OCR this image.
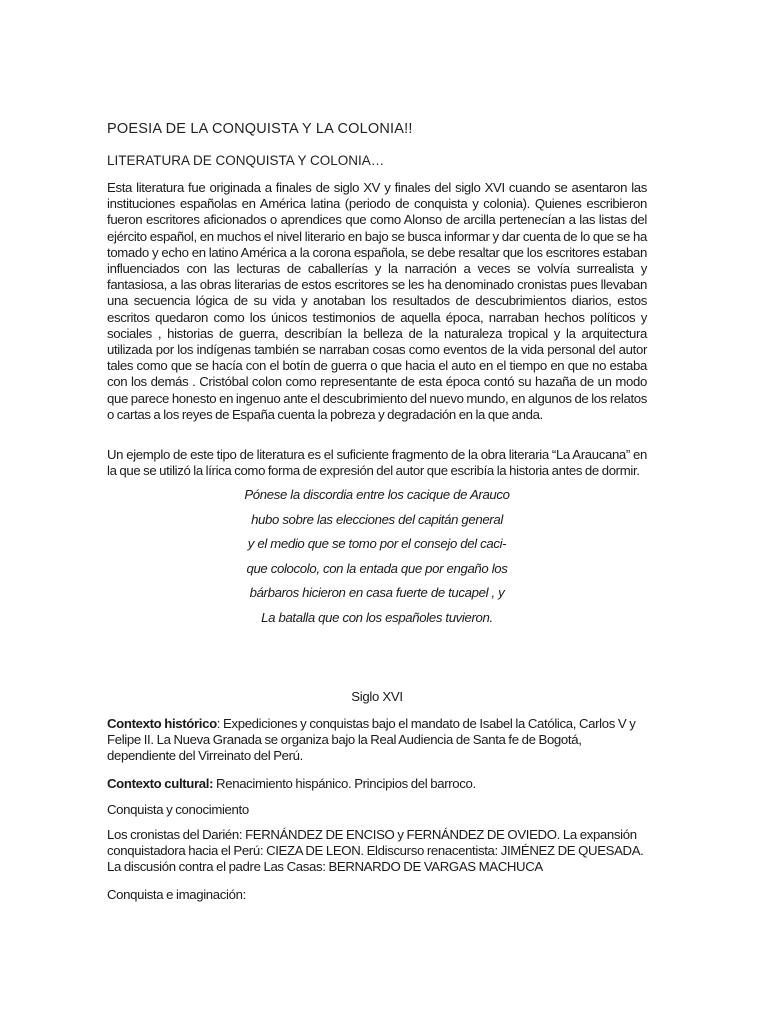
POESIA DE LA CONQUISTA Y LA COLONIA!!
LITERATURA DE CONQUISTA Y COLONIA…

Esta literatura fue originada a finales de siglo XV y finales del siglo XVI cuando se asentaron las instituciones españolas en América latina (periodo de conquista y colonia). Quienes escribieron fueron escritores aficionados o aprendices que como Alonso de arcilla pertenecían a las listas del ejército español, en muchos el nivel literario en bajo se busca informar y dar cuenta de lo que se ha tomado y echo en latino América a la corona española, se debe resaltar que los escritores estaban influenciados con las lecturas de caballerías y la narración a veces se volvía surrealista y fantasiosa, a las obras literarias de estos escritores se les ha denominado cronistas pues llevaban una secuencia lógica de su vida y anotaban los resultados de descubrimientos diarios, estos escritos quedaron como los únicos testimonios de aquella época, narraban hechos políticos y sociales , historias de guerra, describían la belleza de la naturaleza tropical y la arquitectura utilizada por los indígenas también se narraban cosas como eventos de la vida personal del autor tales como que se hacía con el botín de guerra o que hacia el auto en el tiempo en que no estaba con los demás . Cristóbal colon como representante de esta época contó su hazaña de un modo que parece honesto en ingenuo ante el descubrimiento del nuevo mundo, en algunos de los relatos o cartas a los reyes de España cuenta la pobreza y degradación en la que anda.

Un ejemplo de este tipo de literatura es el suficiente fragmento de la obra literaria “La Araucana” en la que se utilizó la lírica como forma de expresión del autor que escribía la historia antes de dormir.

Pónese la discordia entre los cacique de Arauco
hubo sobre las elecciones del capitán general
y el medio que se tomo por el consejo del caci-
que colocolo, con la entada que por engaño los
bárbaros hicieron en casa fuerte de tucapel , y
La batalla que con los españoles tuvieron.
Siglo XVI

Contexto histórico: Expediciones y conquistas bajo el mandato de Isabel la Católica, Carlos V y Felipe II. La Nueva Granada se organiza bajo la Real Audiencia de Santa fe de Bogotá, dependiente del Virreinato del Perú.

Contexto cultural: Renacimiento hispánico. Principios del barroco.

Conquista y conocimiento

Los cronistas del Darién: FERNÁNDEZ DE ENCISO y FERNÁNDEZ DE OVIEDO. La expansión conquistadora hacia el Perú: CIEZA DE LEON. Eldiscurso renacentista: JIMÉNEZ DE QUESADA. La discusión contra el padre Las Casas: BERNARDO DE VARGAS MACHUCA

Conquista e imaginación:
